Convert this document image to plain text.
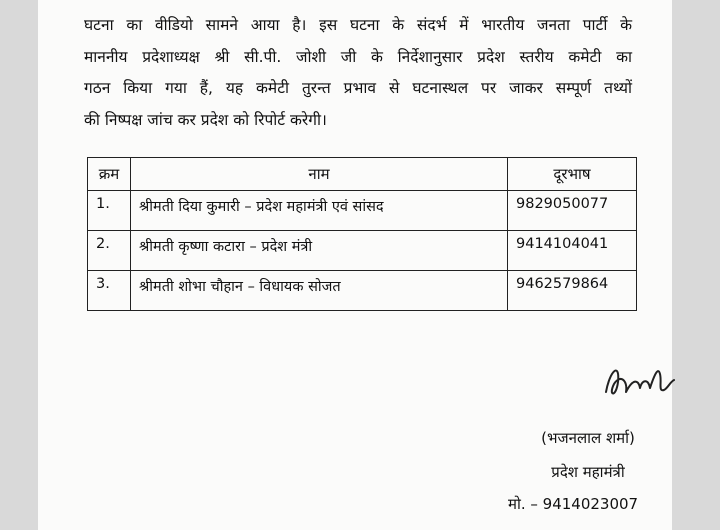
घटना का वीडियो सामने आया है। इस घटना के संदर्भ में भारतीय जनता पार्टी के
माननीय प्रदेशाध्यक्ष श्री सी.पी. जोशी जी के निर्देशानुसार प्रदेश स्तरीय कमेटी का
गठन किया गया हैं, यह कमेटी तुरन्त प्रभाव से घटनास्थल पर जाकर सम्पूर्ण तथ्यों
की निष्पक्ष जांच कर प्रदेश को रिपोर्ट करेगी।
क्रम	नाम	दूरभाष
1.	श्रीमती दिया कुमारी – प्रदेश महामंत्री एवं सांसद	9829050077
2.	श्रीमती कृष्णा कटारा – प्रदेश मंत्री	9414104041
3.	श्रीमती शोभा चौहान – विधायक सोजत	9462579864
(भजनलाल शर्मा)
प्रदेश महामंत्री
मो. – 9414023007
